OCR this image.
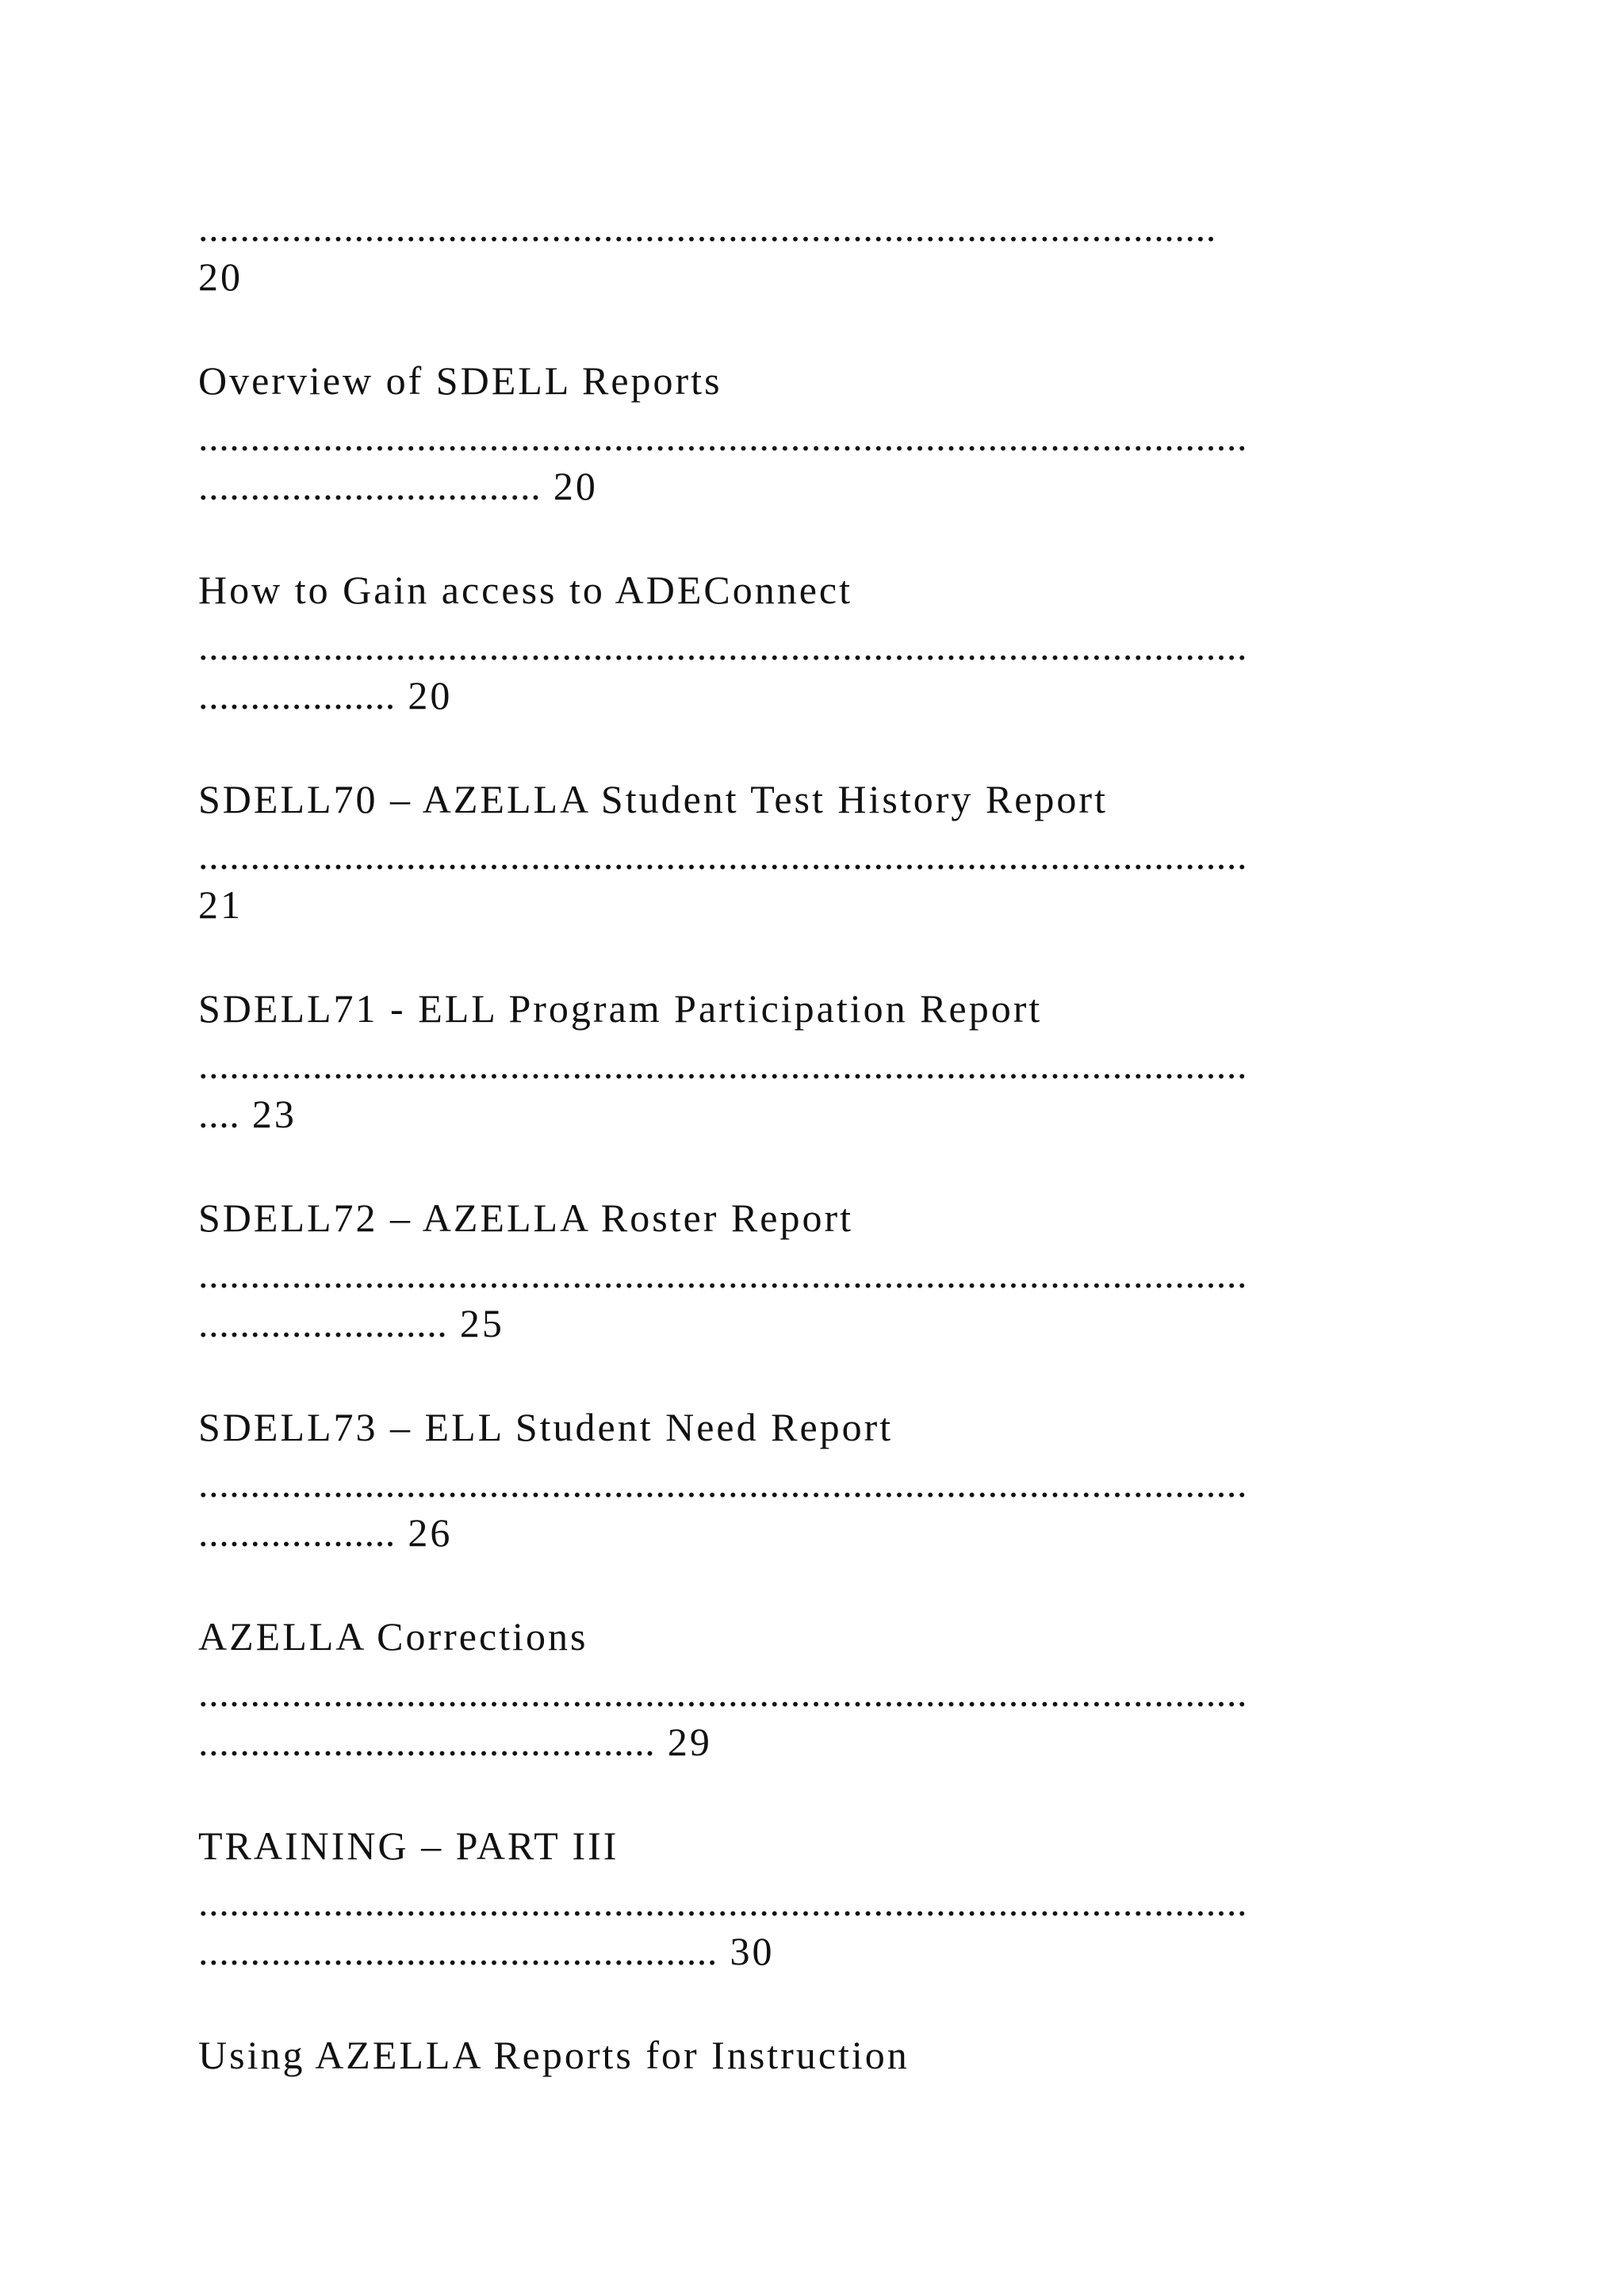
..................................................................................................
20
Overview of SDELL Reports
.....................................................................................................
................................. 20
How to Gain access to ADEConnect
.....................................................................................................
................... 20
SDELL70 – AZELLA Student Test History Report
.....................................................................................................
21
SDELL71 - ELL Program Participation Report
.....................................................................................................
.... 23
SDELL72 – AZELLA Roster Report
.....................................................................................................
........................ 25
SDELL73 – ELL Student Need Report
.....................................................................................................
................... 26
AZELLA Corrections
.....................................................................................................
............................................ 29
TRAINING – PART III
.....................................................................................................
.................................................. 30
Using AZELLA Reports for Instruction
